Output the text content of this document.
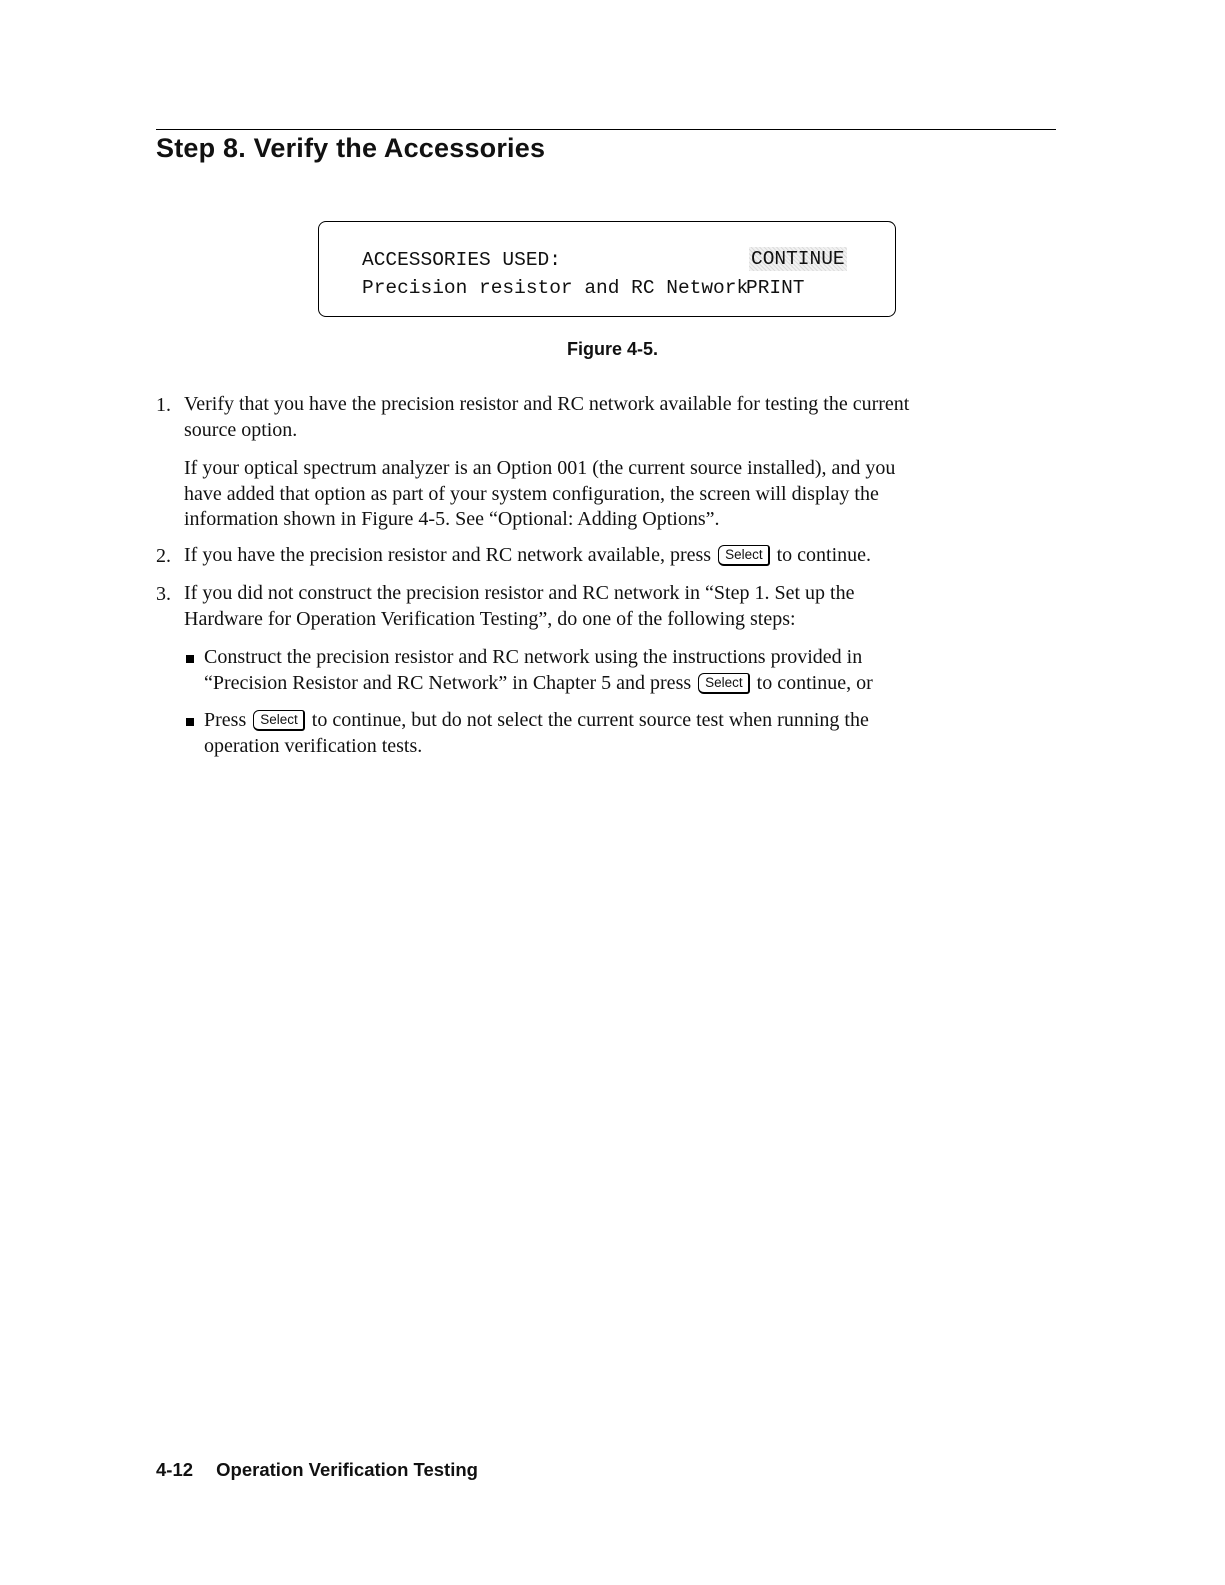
Step 8. Verify the Accessories
ACCESSORIES USED:
Precision resistor and RC Network
CONTINUE
PRINT
Figure 4-5.
1. Verify that you have the precision resistor and RC network available for testing the current
source option.
If your optical spectrum analyzer is an Option 001 (the current source installed), and you
have added that option as part of your system configuration, the screen will display the
information shown in Figure 4-5. See “Optional: Adding Options”.
2. If you have the precision resistor and RC network available, press Select to continue.
3. If you did not construct the precision resistor and RC network in “Step 1. Set up the
Hardware for Operation Verification Testing”, do one of the following steps:
Construct the precision resistor and RC network using the instructions provided in
“Precision Resistor and RC Network” in Chapter 5 and press Select to continue, or
Press Select to continue, but do not select the current source test when running the
operation verification tests.
4-12 Operation Verification Testing
